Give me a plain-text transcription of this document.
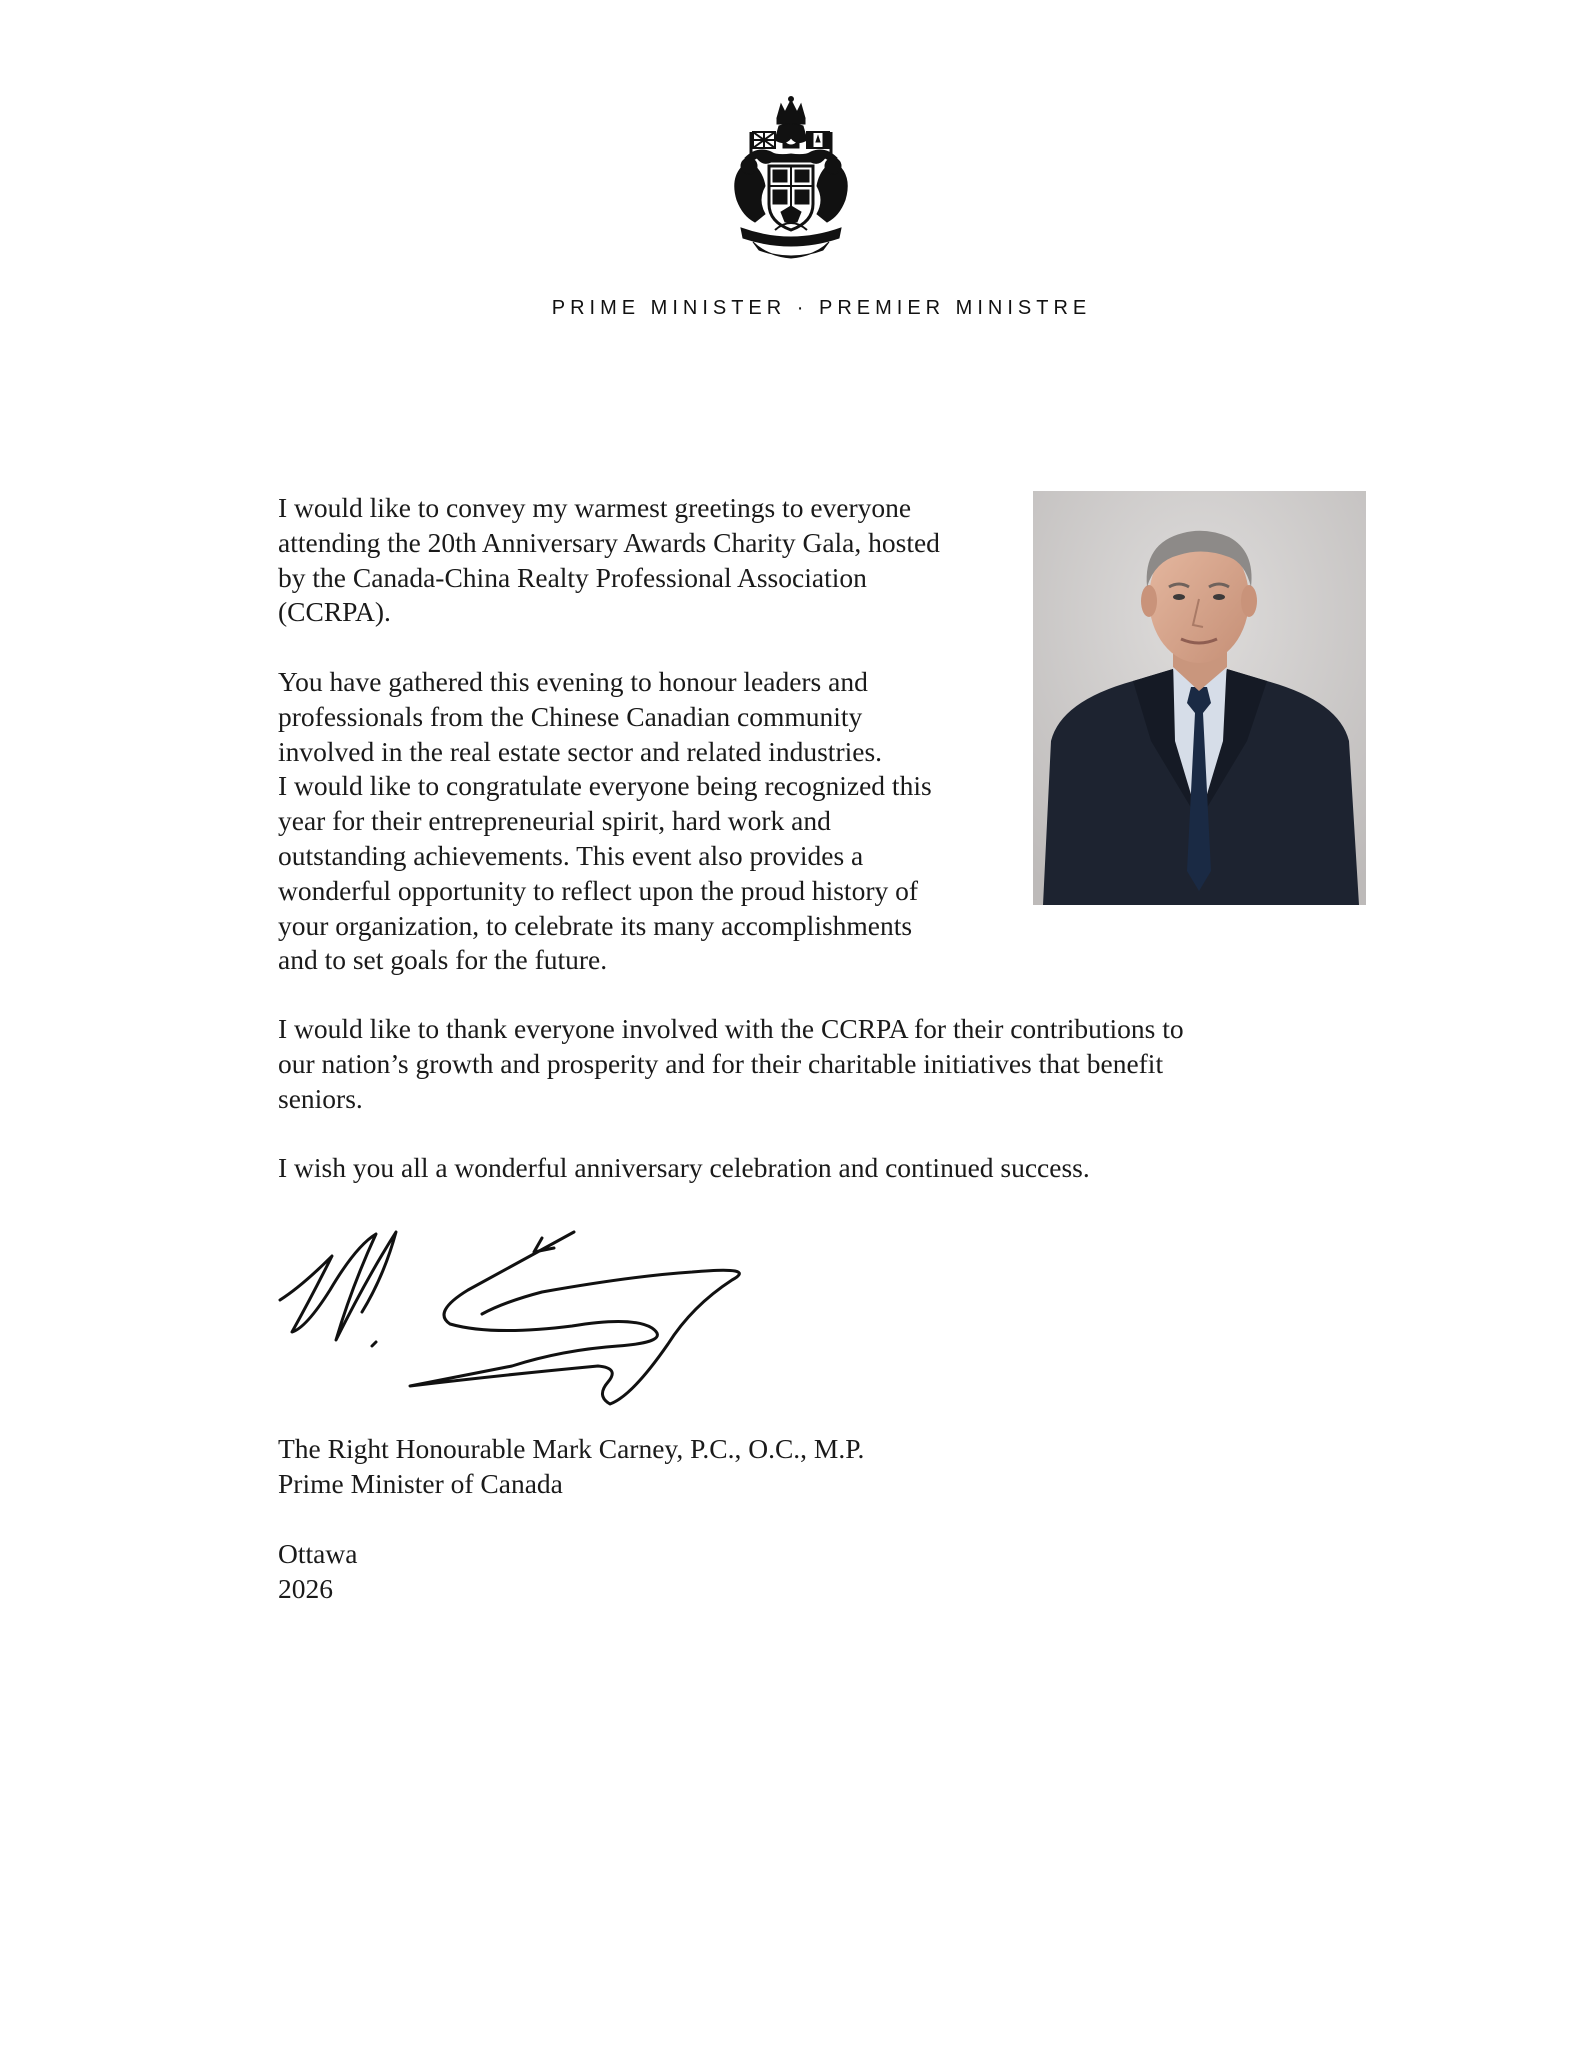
PRIME MINISTER · PREMIER MINISTRE

I would like to convey my warmest greetings to everyone
attending the 20th Anniversary Awards Charity Gala, hosted
by the Canada-China Realty Professional Association
(CCRPA).

You have gathered this evening to honour leaders and
professionals from the Chinese Canadian community
involved in the real estate sector and related industries.
I would like to congratulate everyone being recognized this
year for their entrepreneurial spirit, hard work and
outstanding achievements. This event also provides a
wonderful opportunity to reflect upon the proud history of
your organization, to celebrate its many accomplishments
and to set goals for the future.

I would like to thank everyone involved with the CCRPA for their contributions to
our nation’s growth and prosperity and for their charitable initiatives that benefit
seniors.

I wish you all a wonderful anniversary celebration and continued success.

The Right Honourable Mark Carney, P.C., O.C., M.P.

Prime Minister of Canada

Ottawa

2026
